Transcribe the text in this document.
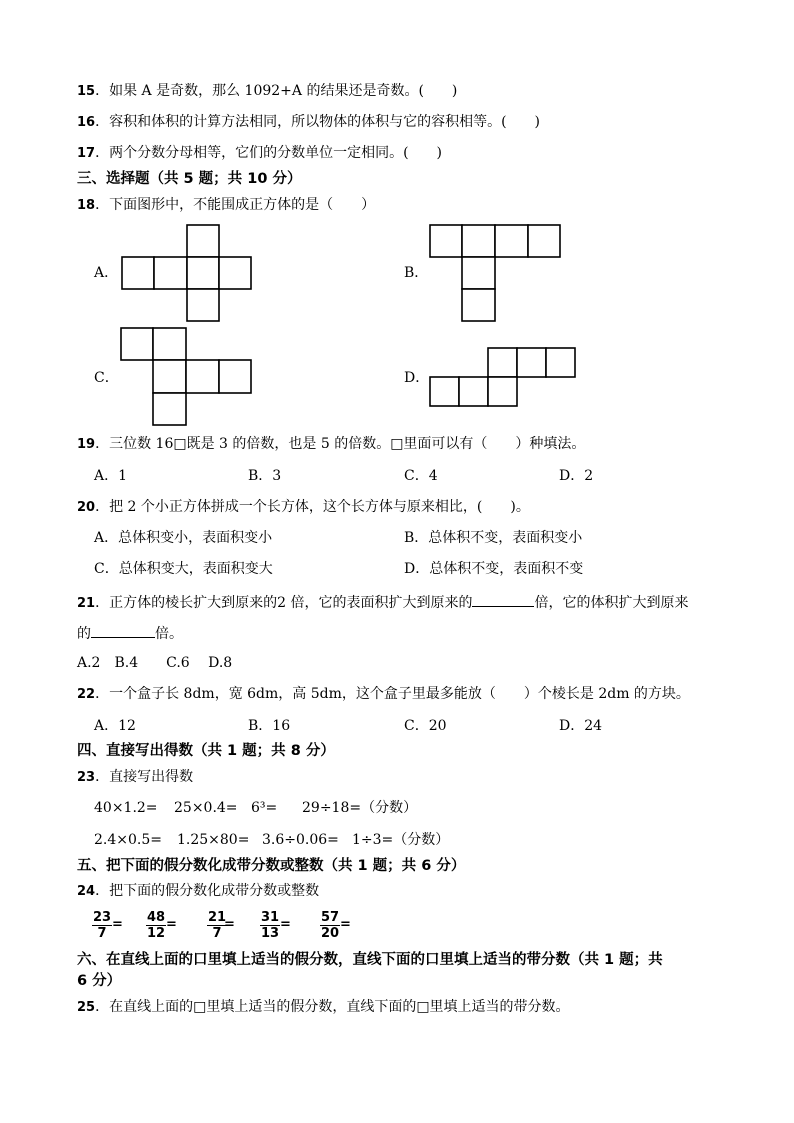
15．如果 A 是奇数，那么 1092+A 的结果还是奇数。(　　)
16．容积和体积的计算方法相同，所以物体的体积与它的容积相等。(　　)
17．两个分数分母相等，它们的分数单位一定相同。(　　)
三、选择题（共 5 题；共 10 分）
18．下面图形中，不能围成正方体的是（　　）
A．	B．
C．	D．
19．三位数 16□既是 3 的倍数，也是 5 的倍数。□里面可以有（　　）种填法。
A．1	B．3	C．4	D．2
20．把 2 个小正方体拼成一个长方体，这个长方体与原来相比，(　　)。
A．总体积变小，表面积变小	B．总体积不变，表面积变小
C．总体积变大，表面积变大	D．总体积不变，表面积不变
21．正方体的棱长扩大到原来的2 倍，它的表面积扩大到原来的	倍，它的体积扩大到原来
的	倍。
A.2　B.4　　C.6　 D.8
22．一个盒子长 8dm，宽 6dm，高 5dm，这个盒子里最多能放（　　）个棱长是 2dm 的方块。
A．12	B．16	C．20	D．24
四、直接写出得数（共 1 题；共 8 分）
23．直接写出得数
40×1.2= 25×0.4= 6³= 29÷18=（分数）
2.4×0.5= 1.25×80= 3.6÷0.06= 1÷3=（分数）
五、把下面的假分数化成带分数或整数（共 1 题；共 6 分）
24．把下面的假分数化成带分数或整数
$\frac{23}{7} = \frac{48}{12} = \frac{21}{7}$
= $\frac{31}{13} = \frac{57}{20}$ =
六、在直线上面的口里填上适当的假分数，直线下面的口里填上适当的带分数（共 1 题；共
6 分）
25．在直线上面的□里填上适当的假分数，直线下面的□里填上适当的带分数。
